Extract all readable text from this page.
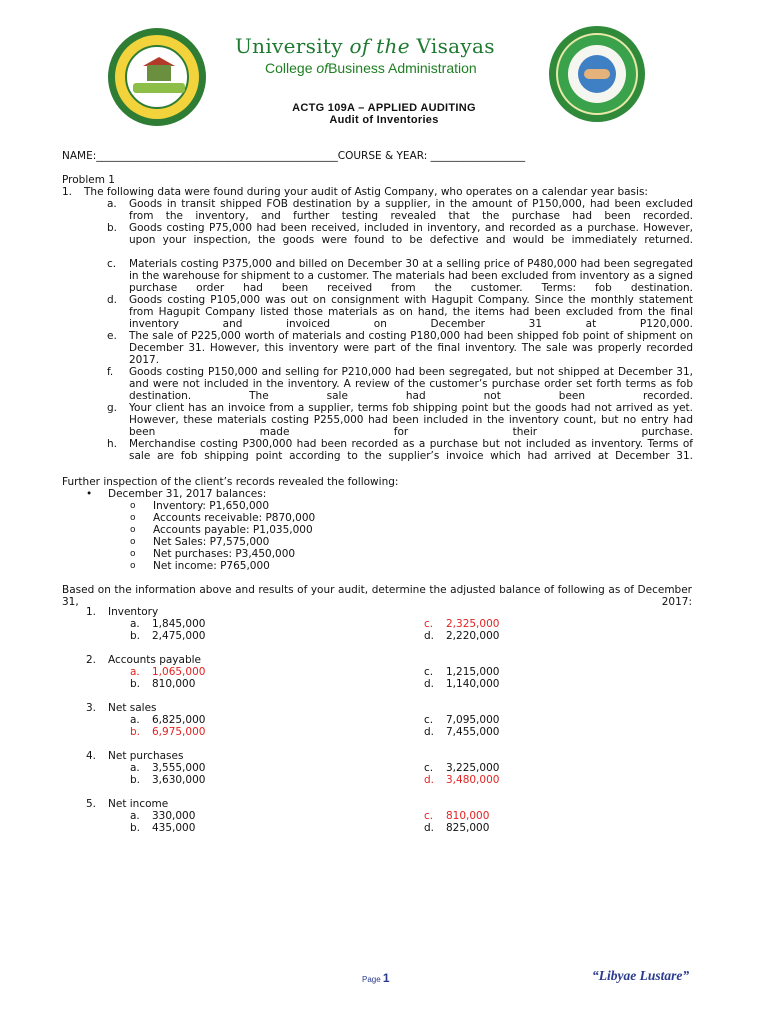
University of the Visayas
College ofBusiness Administration
ACTG 109A – APPLIED AUDITING
Audit of Inventories
NAME:______________________________________________COURSE & YEAR: __________________
Problem 1
1. The following data were found during your audit of Astig Company, who operates on a calendar year basis:
a. Goods in transit shipped FOB destination by a supplier, in the amount of P150,000, had been excluded from the inventory, and further testing revealed that the purchase had been recorded.
b. Goods costing P75,000 had been received, included in inventory, and recorded as a purchase. However, upon your inspection, the goods were found to be defective and would be immediately returned.
c. Materials costing P375,000 and billed on December 30 at a selling price of P480,000 had been segregated in the warehouse for shipment to a customer. The materials had been excluded from inventory as a signed purchase order had been received from the customer. Terms: fob destination.
d. Goods costing P105,000 was out on consignment with Hagupit Company. Since the monthly statement from Hagupit Company listed those materials as on hand, the items had been excluded from the final inventory and invoiced on December 31 at P120,000.
e. The sale of P225,000 worth of materials and costing P180,000 had been shipped fob point of shipment on December 31. However, this inventory were part of the final inventory. The sale was properly recorded 2017.
f. Goods costing P150,000 and selling for P210,000 had been segregated, but not shipped at December 31, and were not included in the inventory. A review of the customer’s purchase order set forth terms as fob destination. The sale had not been recorded.
g. Your client has an invoice from a supplier, terms fob shipping point but the goods had not arrived as yet. However, these materials costing P255,000 had been included in the inventory count, but no entry had been made for their purchase.
h. Merchandise costing P300,000 had been recorded as a purchase but not included as inventory. Terms of sale are fob shipping point according to the supplier’s invoice which had arrived at December 31.
Further inspection of the client’s records revealed the following:
• December 31, 2017 balances:
o Inventory: P1,650,000
o Accounts receivable: P870,000
o Accounts payable: P1,035,000
o Net Sales: P7,575,000
o Net purchases: P3,450,000
o Net income: P765,000
Based on the information above and results of your audit, determine the adjusted balance of following as of December 31, 2017:
1. Inventory
a. 1,845,000
b. 2,475,000
c. 2,325,000
d. 2,220,000
2. Accounts payable
a. 1,065,000
b. 810,000
c. 1,215,000
d. 1,140,000
3. Net sales
a. 6,825,000
b. 6,975,000
c. 7,095,000
d. 7,455,000
4. Net purchases
a. 3,555,000
b. 3,630,000
c. 3,225,000
d. 3,480,000
5. Net income
a. 330,000
b. 435,000
c. 810,000
d. 825,000
Page 1	“Libyae Lustare”
